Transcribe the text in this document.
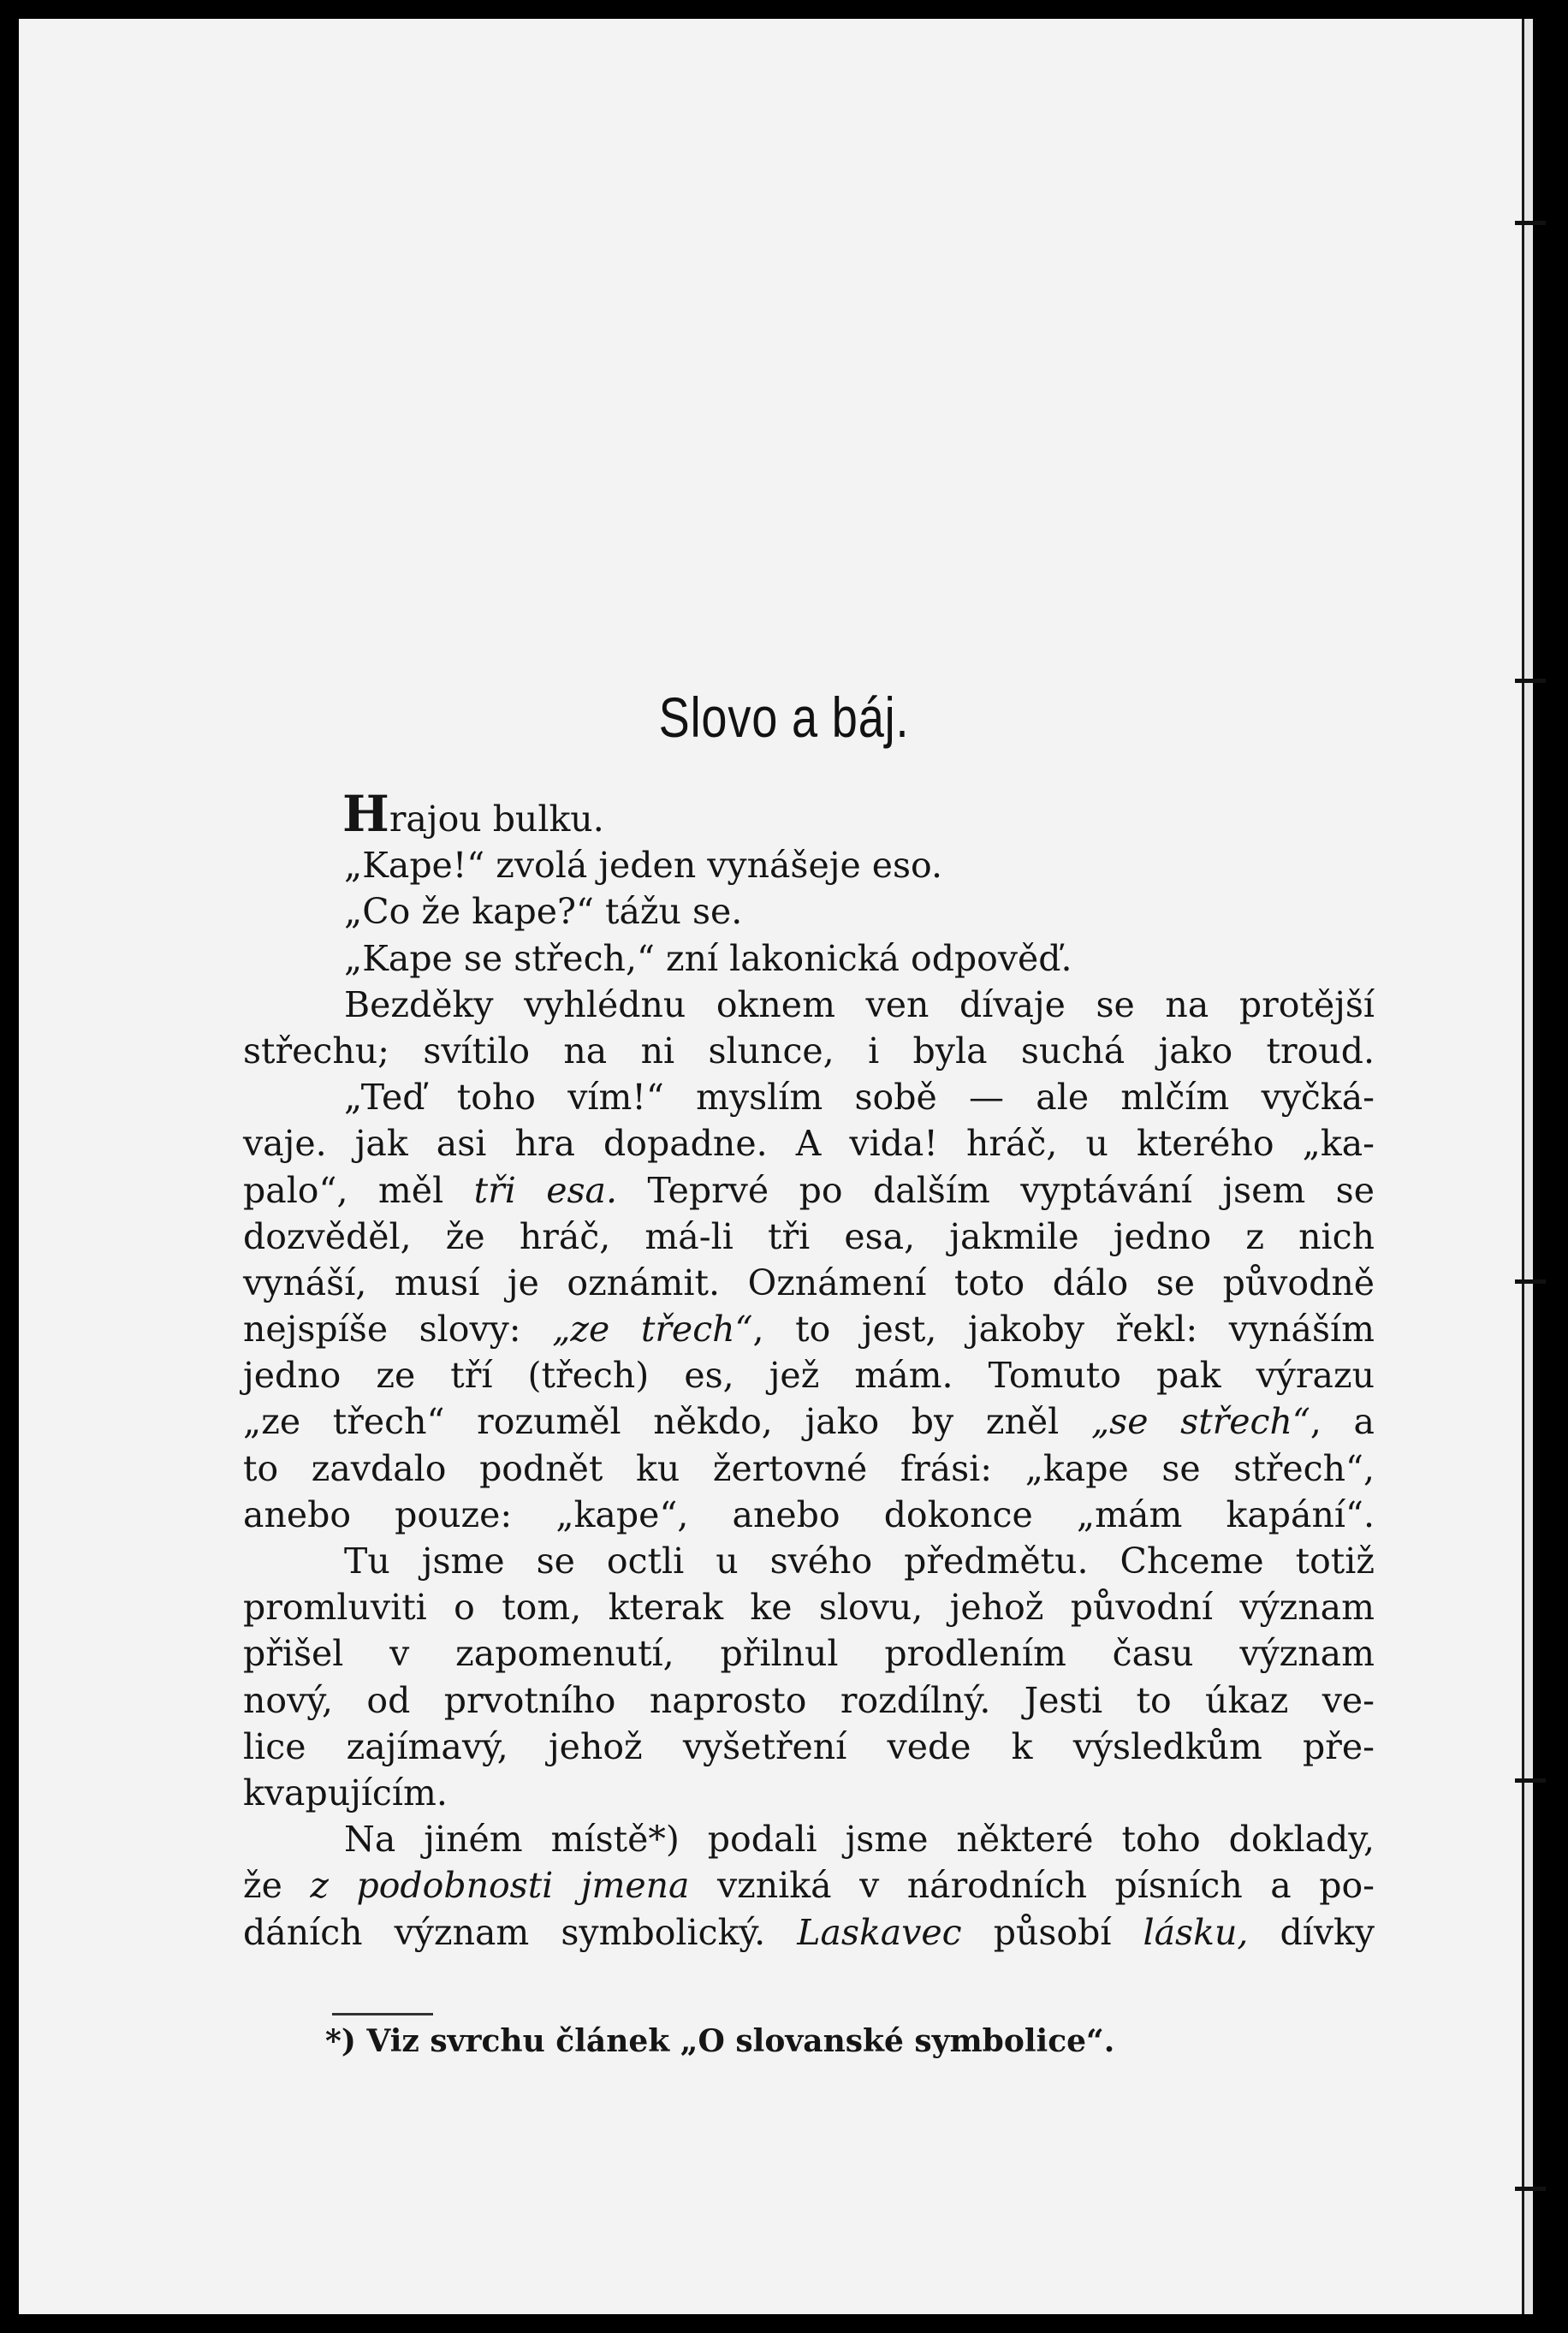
Slovo a báj.
Hrajou bulku.
„Kape!“ zvolá jeden vynášeje eso.
„Co že kape?“ tážu se.
„Kape se střech,“ zní lakonická odpověď.
Bezděky vyhlédnu oknem ven dívaje se na protější
střechu; svítilo na ni slunce, i byla suchá jako troud.
„Teď toho vím!“ myslím sobě — ale mlčím vyčká-
vaje. jak asi hra dopadne. A vida! hráč, u kterého „ka-
palo“, měl tři esa. Teprvé po dalším vyptávání jsem se
dozvěděl, že hráč, má-li tři esa, jakmile jedno z nich
vynáší, musí je oznámit. Oznámení toto dálo se původně
nejspíše slovy: „ze třech“, to jest, jakoby řekl: vynáším
jedno ze tří (třech) es, jež mám. Tomuto pak výrazu
„ze třech“ rozuměl někdo, jako by zněl „se střech“, a
to zavdalo podnět ku žertovné frási: „kape se střech“,
anebo pouze: „kape“, anebo dokonce „mám kapání“.
Tu jsme se octli u svého předmětu. Chceme totiž
promluviti o tom, kterak ke slovu, jehož původní význam
přišel v zapomenutí, přilnul prodlením času význam
nový, od prvotního naprosto rozdílný. Jesti to úkaz ve-
lice zajímavý, jehož vyšetření vede k výsledkům pře-
kvapujícím.
Na jiném místě*) podali jsme některé toho doklady,
že z podobnosti jmena vzniká v národních písních a po-
dáních význam symbolický. Laskavec působí lásku, dívky
*) Viz svrchu článek „O slovanské symbolice“.
